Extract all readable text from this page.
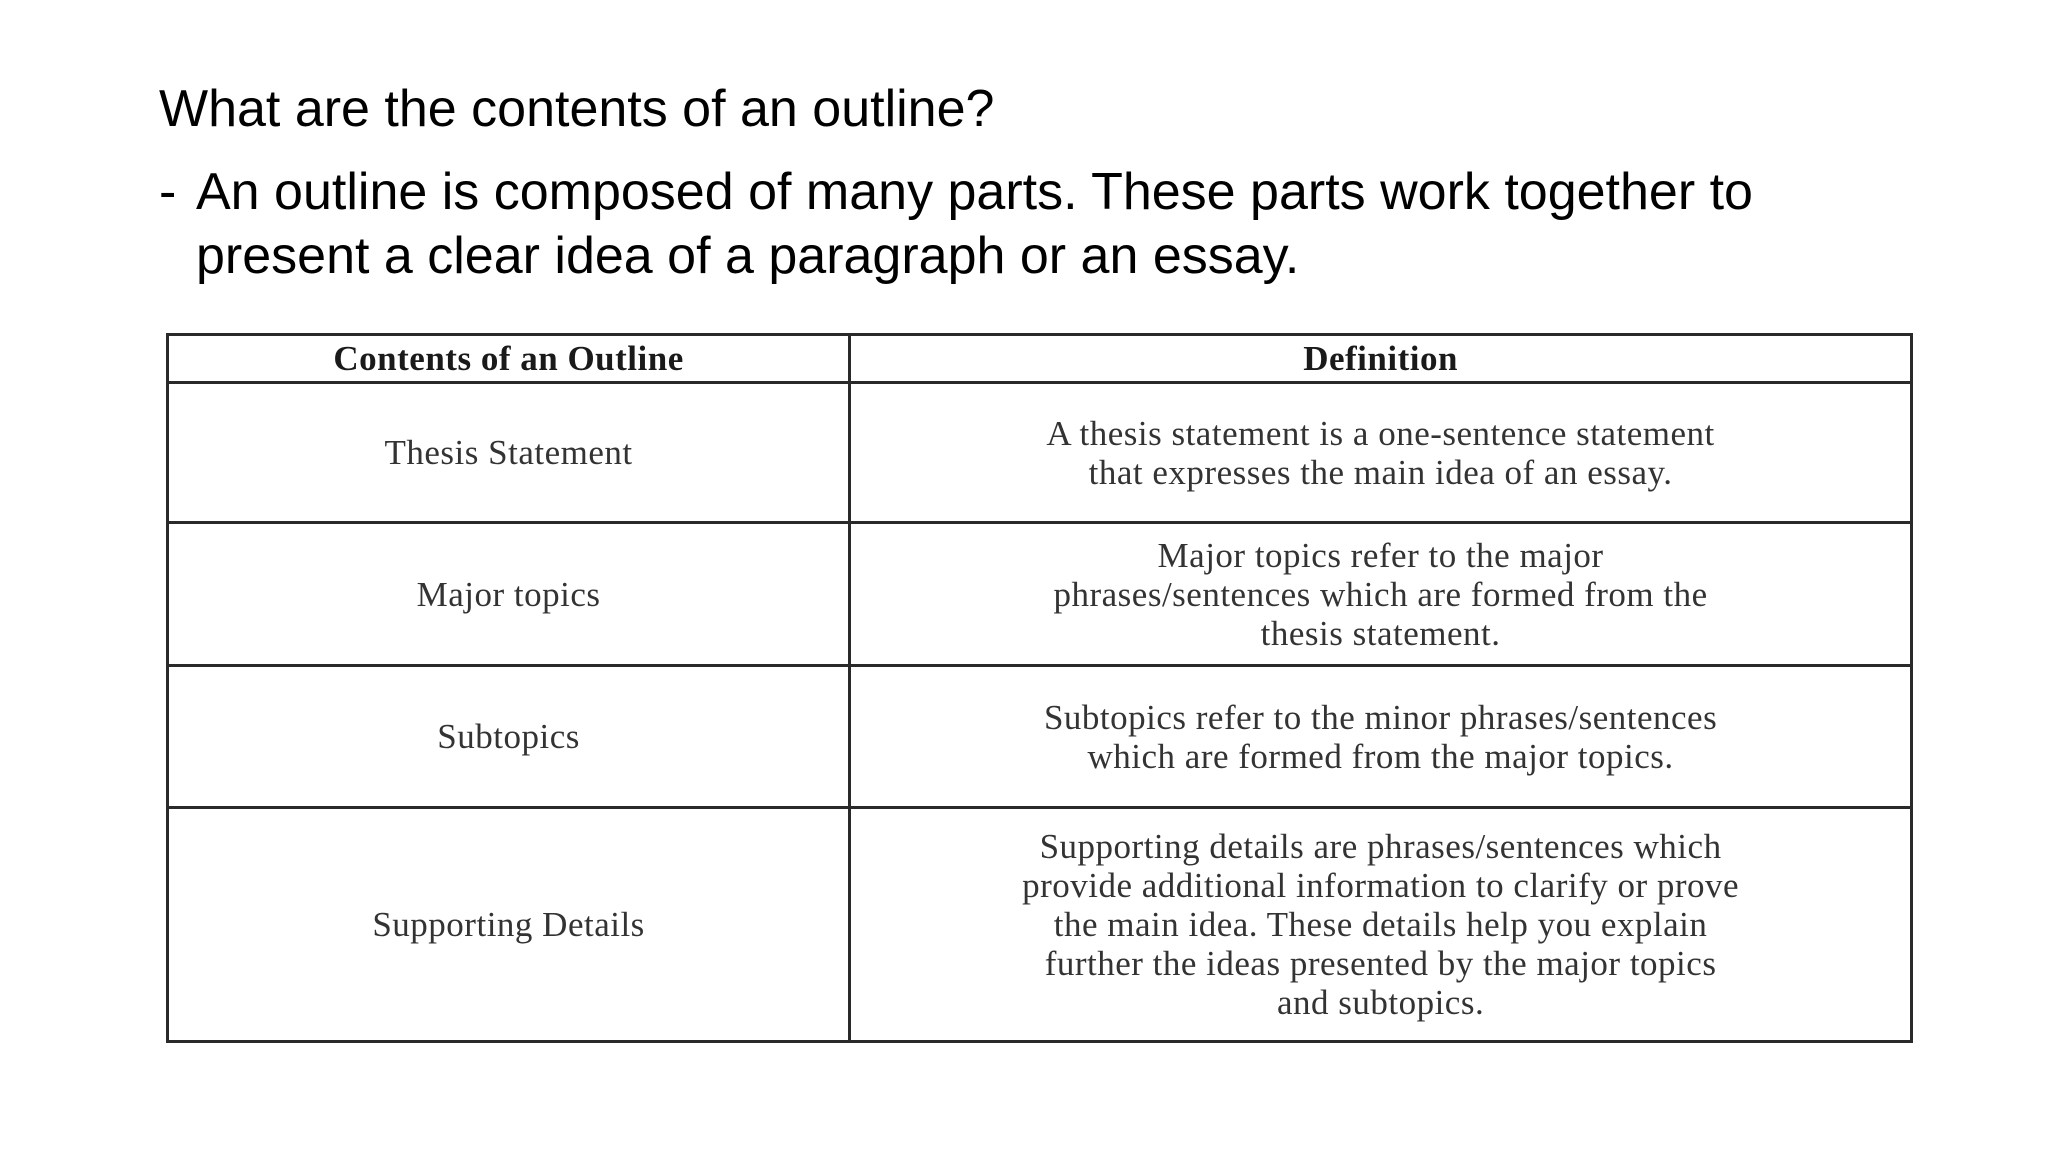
What are the contents of an outline?
- An outline is composed of many parts. These parts work together to
present a clear idea of a paragraph or an essay.
Contents of an Outline	Definition
Thesis Statement	A thesis statement is a one-sentence statement
that expresses the main idea of an essay.

Major topics	Major topics refer to the major
phrases/sentences which are formed from the
thesis statement.

Subtopics	Subtopics refer to the minor phrases/sentences
which are formed from the major topics.

Supporting Details	Supporting details are phrases/sentences which
provide additional information to clarify or prove
the main idea. These details help you explain
further the ideas presented by the major topics
and subtopics.
